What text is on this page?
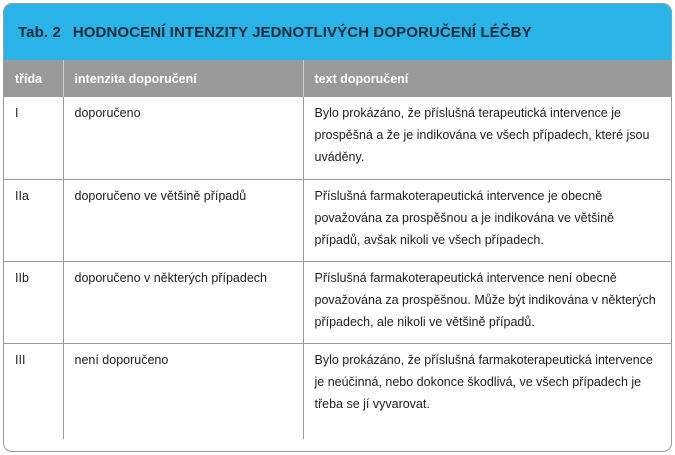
Tab. 2 HODNOCENÍ INTENZITY JEDNOTLIVÝCH DOPORUČENÍ LÉČBY
třída	intenzita doporučení	text doporučení
I	doporučeno	Bylo prokázáno, že příslušná terapeutická intervence je prospěšná a že je indikována ve všech případech, které jsou uváděny.
IIa	doporučeno ve většině případů	Příslušná farmakoterapeutická intervence je obecně považována za prospěšnou a je indikována ve většině případů, avšak nikoli ve všech případech.
IIb	doporučeno v některých případech	Příslušná farmakoterapeutická intervence není obecně považována za prospěšnou. Může být indikována v některých případech, ale nikoli ve většině případů.
III	není doporučeno	Bylo prokázáno, že příslušná farmakoterapeutická intervence je neúčinná, nebo dokonce škodlivá, ve všech případech je třeba se jí vyvarovat.
